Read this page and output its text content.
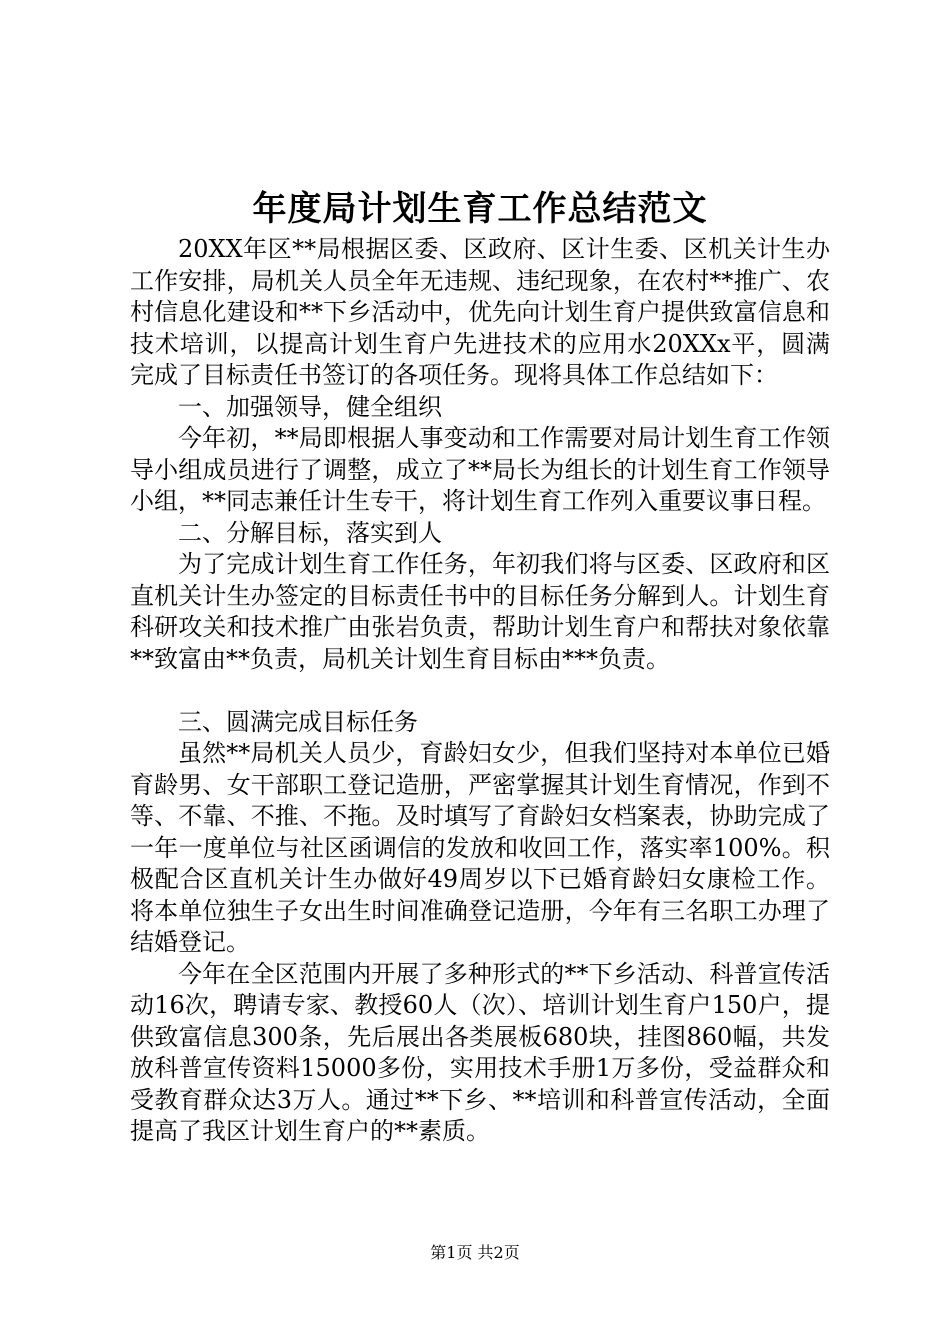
年度局计划生育工作总结范文

20XX年区**局根据区委、区政府、区计生委、区机关计生办工作安排，局机关人员全年无违规、违纪现象，在农村**推广、农村信息化建设和**下乡活动中，优先向计划生育户提供致富信息和技术培训，以提高计划生育户先进技术的应用水20XXx平，圆满完成了目标责任书签订的各项任务。现将具体工作总结如下：

一、加强领导，健全组织

今年初，**局即根据人事变动和工作需要对局计划生育工作领导小组成员进行了调整，成立了**局长为组长的计划生育工作领导小组，**同志兼任计生专干，将计划生育工作列入重要议事日程。

二、分解目标，落实到人

为了完成计划生育工作任务，年初我们将与区委、区政府和区直机关计生办签定的目标责任书中的目标任务分解到人。计划生育科研攻关和技术推广由张岩负责，帮助计划生育户和帮扶对象依靠**致富由**负责，局机关计划生育目标由***负责。

三、圆满完成目标任务

虽然**局机关人员少，育龄妇女少，但我们坚持对本单位已婚育龄男、女干部职工登记造册，严密掌握其计划生育情况，作到不等、不靠、不推、不拖。及时填写了育龄妇女档案表，协助完成了一年一度单位与社区函调信的发放和收回工作，落实率100%。积极配合区直机关计生办做好49周岁以下已婚育龄妇女康检工作。将本单位独生子女出生时间准确登记造册，今年有三名职工办理了结婚登记。

今年在全区范围内开展了多种形式的**下乡活动、科普宣传活动16次，聘请专家、教授60人（次）、培训计划生育户150户，提供致富信息300条，先后展出各类展板680块，挂图860幅，共发放科普宣传资料15000多份，实用技术手册1万多份，受益群众和受教育群众达3万人。通过**下乡、**培训和科普宣传活动，全面提高了我区计划生育户的**素质。

第1页 共2页
